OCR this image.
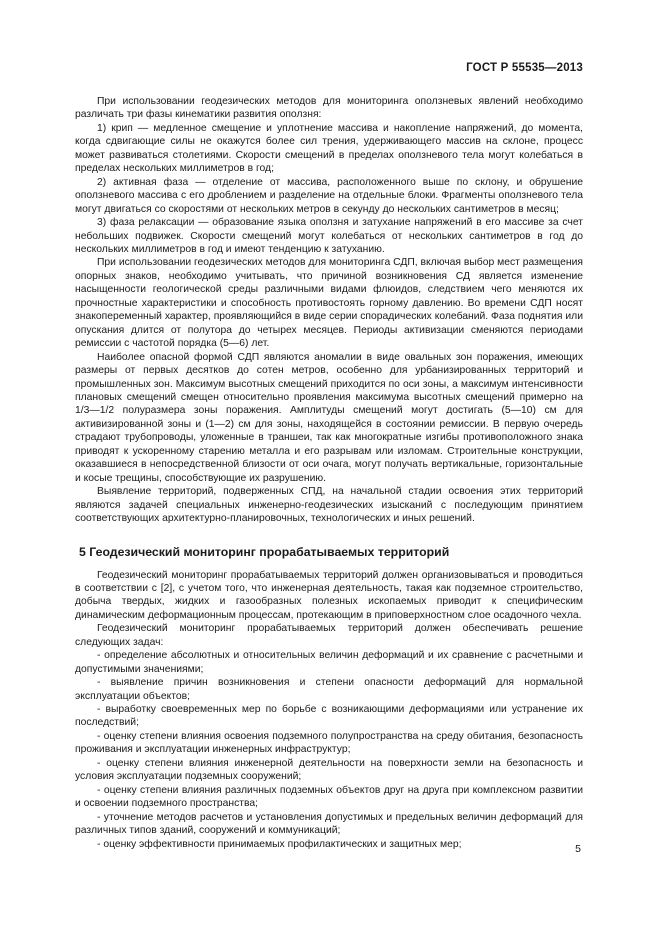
ГОСТ Р 55535—2013

При использовании геодезических методов для мониторинга оползневых явлений необходимо различать три фазы кинематики развития оползня:

1) крип — медленное смещение и уплотнение массива и накопление напряжений, до момента, когда сдвигающие силы не окажутся более сил трения, удерживающего массив на склоне, процесс может развиваться столетиями. Скорости смещений в пределах оползневого тела могут колебаться в пределах нескольких миллиметров в год;

2) активная фаза — отделение от массива, расположенного выше по склону, и обрушение оползневого массива с его дроблением и разделение на отдельные блоки. Фрагменты оползневого тела могут двигаться со скоростями от нескольких метров в секунду до нескольких сантиметров в месяц;

3) фаза релаксации — образование языка оползня и затухание напряжений в его массиве за счет небольших подвижек. Скорости смещений могут колебаться от нескольких сантиметров в год до нескольких миллиметров в год и имеют тенденцию к затуханию.

При использовании геодезических методов для мониторинга СДП, включая выбор мест размещения опорных знаков, необходимо учитывать, что причиной возникновения СД является изменение насыщенности геологической среды различными видами флюидов, следствием чего меняются их прочностные характеристики и способность противостоять горному давлению. Во времени СДП носят знакопеременный характер, проявляющийся в виде серии спорадических колебаний. Фаза поднятия или опускания длится от полутора до четырех месяцев. Периоды активизации сменяются периодами ремиссии с частотой порядка (5—6) лет.

Наиболее опасной формой СДП являются аномалии в виде овальных зон поражения, имеющих размеры от первых десятков до сотен метров, особенно для урбанизированных территорий и промышленных зон. Максимум высотных смещений приходится по оси зоны, а максимум интенсивности плановых смещений смещен относительно проявления максимума высотных смещений примерно на 1/3—1/2 полуразмера зоны поражения. Амплитуды смещений могут достигать (5—10) см для активизированной зоны и (1—2) см для зоны, находящейся в состоянии ремиссии. В первую очередь страдают трубопроводы, уложенные в траншеи, так как многократные изгибы противоположного знака приводят к ускоренному старению металла и его разрывам или изломам. Строительные конструкции, оказавшиеся в непосредственной близости от оси очага, могут получать вертикальные, горизонтальные и косые трещины, способствующие их разрушению.

Выявление территорий, подверженных СПД, на начальной стадии освоения этих территорий являются задачей специальных инженерно-геодезических изысканий с последующим принятием соответствующих архитектурно-планировочных, технологических и иных решений.

5 Геодезический мониторинг прорабатываемых территорий

Геодезический мониторинг прорабатываемых территорий должен организовываться и проводиться в соответствии с [2], с учетом того, что инженерная деятельность, такая как подземное строительство, добыча твердых, жидких и газообразных полезных ископаемых приводит к специфическим динамическим деформационным процессам, протекающим в приповерхностном слое осадочного чехла.

Геодезический мониторинг прорабатываемых территорий должен обеспечивать решение следующих задач:

- определение абсолютных и относительных величин деформаций и их сравнение с расчетными и допустимыми значениями;

- выявление причин возникновения и степени опасности деформаций для нормальной эксплуатации объектов;

- выработку своевременных мер по борьбе с возникающими деформациями или устранение их последствий;

- оценку степени влияния освоения подземного полупространства на среду обитания, безопасность проживания и эксплуатации инженерных инфраструктур;

- оценку степени влияния инженерной деятельности на поверхности земли на безопасность и условия эксплуатации подземных сооружений;

- оценку степени влияния различных подземных объектов друг на друга при комплексном развитии и освоении подземного пространства;

- уточнение методов расчетов и установления допустимых и предельных величин деформаций для различных типов зданий, сооружений и коммуникаций;

- оценку эффективности принимаемых профилактических и защитных мер;	5
